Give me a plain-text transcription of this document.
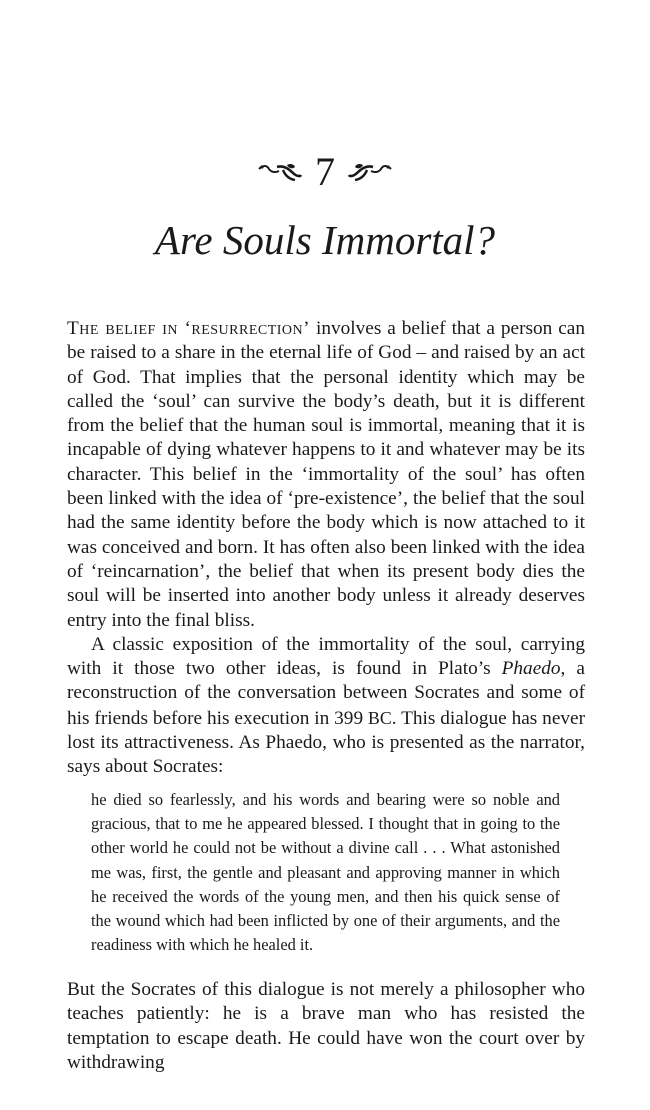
7
Are Souls Immortal?

The belief in ‘resurrection’ involves a belief that a person can be raised to a share in the eternal life of God – and raised by an act of God. That implies that the personal identity which may be called the ‘soul’ can survive the body’s death, but it is different from the belief that the human soul is immortal, meaning that it is incapable of dying whatever happens to it and whatever may be its character. This belief in the ‘immortality of the soul’ has often been linked with the idea of ‘pre-existence’, the belief that the soul had the same identity before the body which is now attached to it was conceived and born. It has often also been linked with the idea of ‘reincarnation’, the belief that when its present body dies the soul will be inserted into another body unless it already deserves entry into the final bliss.

A classic exposition of the immortality of the soul, carrying with it those two other ideas, is found in Plato’s Phaedo, a reconstruction of the conversation between Socrates and some of his friends before his execution in 399 BC. This dialogue has never lost its attractiveness. As Phaedo, who is presented as the narrator, says about Socrates:

he died so fearlessly, and his words and bearing were so noble and gracious, that to me he appeared blessed. I thought that in going to the other world he could not be without a divine call . . . What astonished me was, first, the gentle and pleasant and approving manner in which he received the words of the young men, and then his quick sense of the wound which had been inflicted by one of their arguments, and the readiness with which he healed it.

But the Socrates of this dialogue is not merely a philosopher who teaches patiently: he is a brave man who has resisted the temptation to escape death. He could have won the court over by withdrawing
